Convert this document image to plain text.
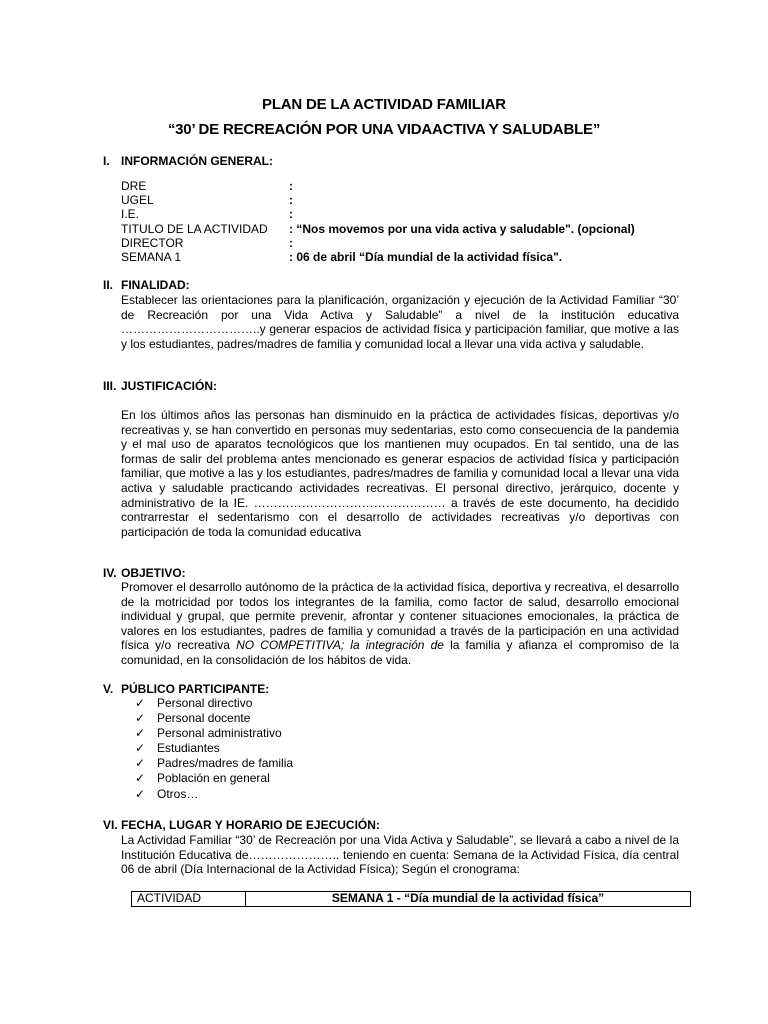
PLAN DE LA ACTIVIDAD FAMILIAR
“30’ DE RECREACIÓN POR UNA VIDAACTIVA Y SALUDABLE”
I. INFORMACIÓN GENERAL:
DRE	:
UGEL	:
I.E.	:
TITULO DE LA ACTIVIDAD : “Nos movemos por una vida activa y saludable". (opcional)
DIRECTOR	:
SEMANA 1	: 06 de abril “Día mundial de la actividad física".
II. FINALIDAD:

Establecer las orientaciones para la planificación, organización y ejecución de la Actividad Familiar “30’ de Recreación por una Vida Activa y Saludable” a nivel de la institución educativa ……………………………..y generar espacios de actividad física y participación familiar, que motive a las y los estudiantes, padres/madres de familia y comunidad local a llevar una vida activa y saludable.

III. JUSTIFICACIÓN:

En los últimos años las personas han disminuido en la práctica de actividades físicas, deportivas y/o recreativas y, se han convertido en personas muy sedentarias, esto como consecuencia de la pandemia y el mal uso de aparatos tecnológicos que los mantienen muy ocupados. En tal sentido, una de las formas de salir del problema antes mencionado es generar espacios de actividad física y participación familiar, que motive a las y los estudiantes, padres/madres de familia y comunidad local a llevar una vida activa y saludable practicando actividades recreativas. El personal directivo, jerárquico, docente y administrativo de la IE. ………………………………………… a través de este documento, ha decidido contrarrestar el sedentarismo con el desarrollo de actividades recreativas y/o deportivas con participación de toda la comunidad educativa

IV. OBJETIVO:

Promover el desarrollo autónomo de la práctica de la actividad física, deportiva y recreativa, el desarrollo de la motricidad por todos los integrantes de la familia, como factor de salud, desarrollo emocional individual y grupal, que permite prevenir, afrontar y contener situaciones emocionales, la práctica de valores en los estudiantes, padres de familia y comunidad a través de la participación en una actividad física y/o recreativa NO COMPETITIVA; la integración de la familia y afianza el compromiso de la comunidad, en la consolidación de los hábitos de vida.

V. PÚBLICO PARTICIPANTE:
✓ Personal directivo
✓ Personal docente
✓ Personal administrativo
✓ Estudiantes
✓ Padres/madres de familia
✓ Población en general
✓ Otros…
VI. FECHA, LUGAR Y HORARIO DE EJECUCIÓN:

La Actividad Familiar “30’ de Recreación por una Vida Activa y Saludable”, se llevará a cabo a nivel de la Institución Educativa de………………….. teniendo en cuenta: Semana de la Actividad Física, día central 06 de abril (Día Internacional de la Actividad Física); Según el cronograma:

ACTIVIDAD	SEMANA 1 - “Día mundial de la actividad física”
